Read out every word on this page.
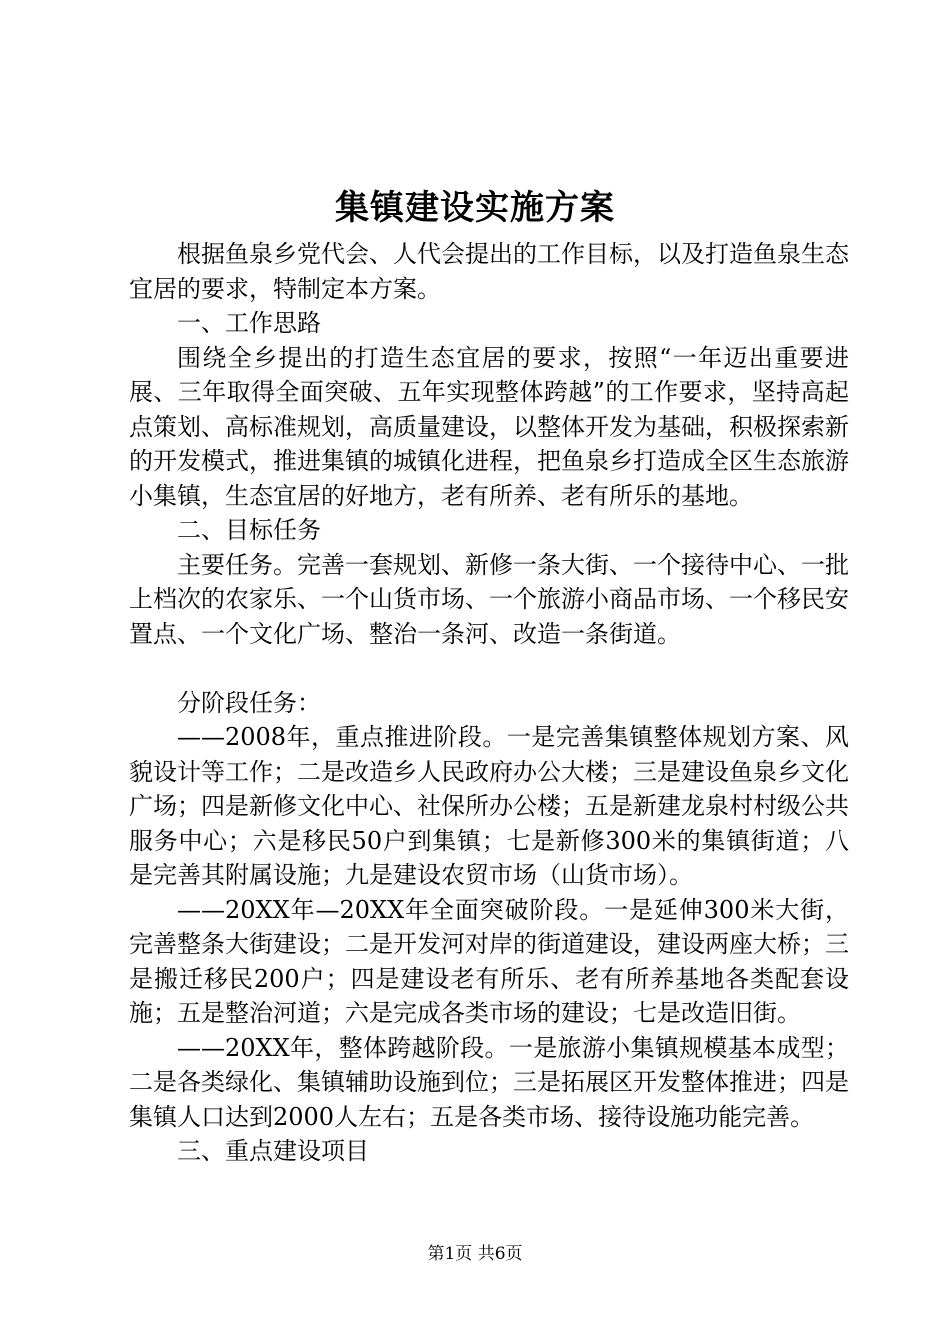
集镇建设实施方案

根据鱼泉乡党代会、人代会提出的工作目标，以及打造鱼泉生态宜居的要求，特制定本方案。

一、工作思路

围绕全乡提出的打造生态宜居的要求，按照“一年迈出重要进展、三年取得全面突破、五年实现整体跨越”的工作要求，坚持高起点策划、高标准规划，高质量建设，以整体开发为基础，积极探索新的开发模式，推进集镇的城镇化进程，把鱼泉乡打造成全区生态旅游小集镇，生态宜居的好地方，老有所养、老有所乐的基地。

二、目标任务

主要任务。完善一套规划、新修一条大街、一个接待中心、一批上档次的农家乐、一个山货市场、一个旅游小商品市场、一个移民安置点、一个文化广场、整治一条河、改造一条街道。

分阶段任务：

——2008年，重点推进阶段。一是完善集镇整体规划方案、风貌设计等工作；二是改造乡人民政府办公大楼；三是建设鱼泉乡文化广场；四是新修文化中心、社保所办公楼；五是新建龙泉村村级公共服务中心；六是移民50户到集镇；七是新修300米的集镇街道；八是完善其附属设施；九是建设农贸市场（山货市场）。

——20XX年—20XX年全面突破阶段。一是延伸300米大街，完善整条大街建设；二是开发河对岸的街道建设，建设两座大桥；三是搬迁移民200户；四是建设老有所乐、老有所养基地各类配套设施；五是整治河道；六是完成各类市场的建设；七是改造旧街。

——20XX年，整体跨越阶段。一是旅游小集镇规模基本成型；二是各类绿化、集镇辅助设施到位；三是拓展区开发整体推进；四是集镇人口达到2000人左右；五是各类市场、接待设施功能完善。

三、重点建设项目

第1页 共6页
